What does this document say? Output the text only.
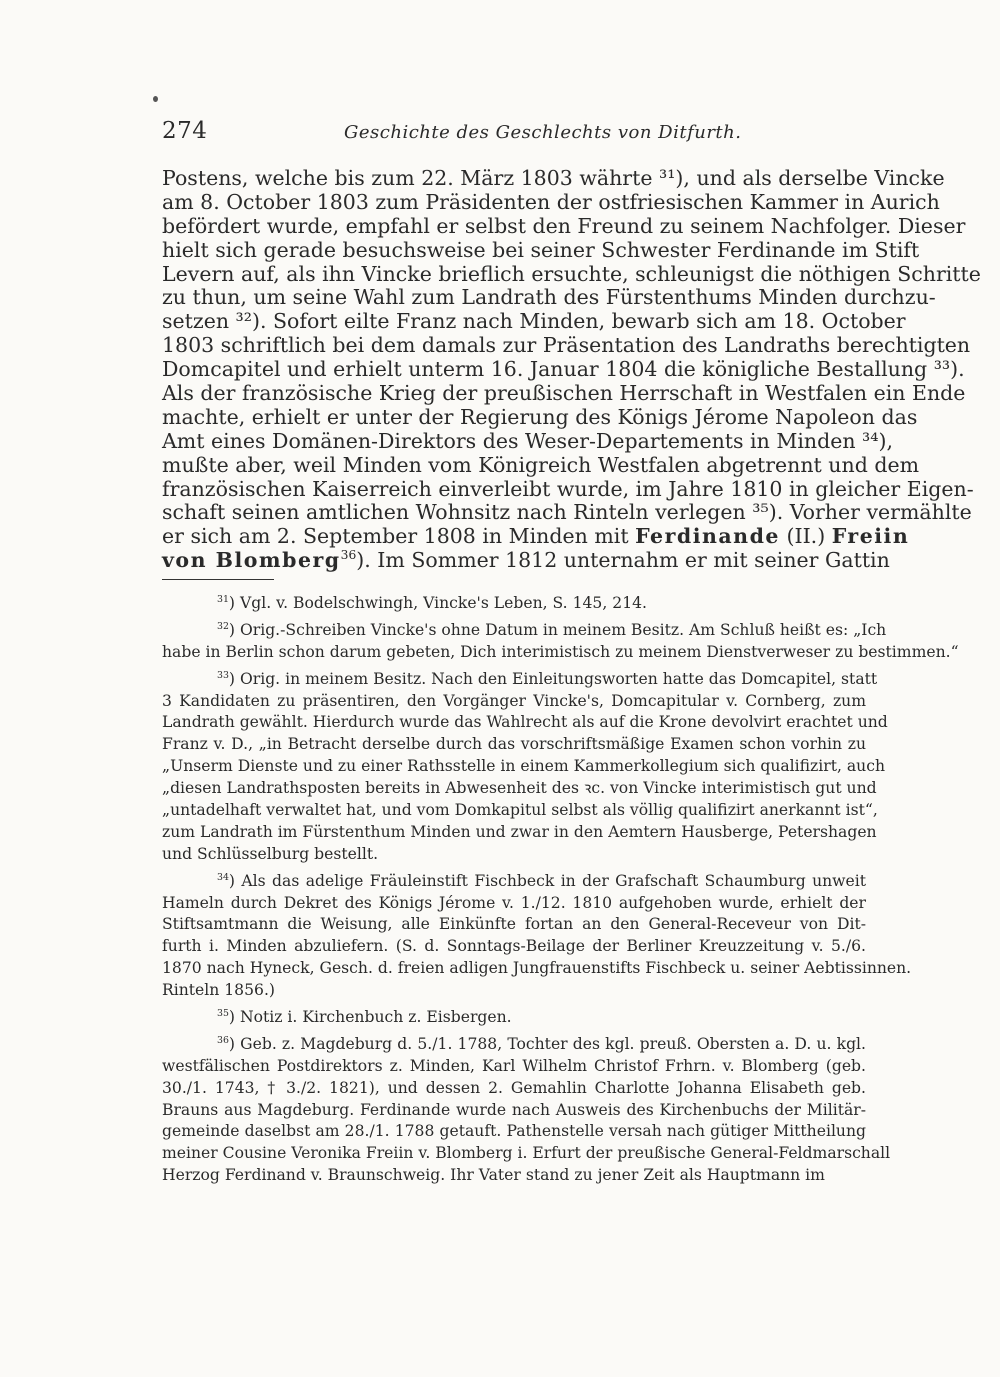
274	Geschichte des Geschlechts von Ditfurth.
Postens, welche bis zum 22. März 1803 währte ³¹), und als derselbe Vincke
am 8. October 1803 zum Präsidenten der ostfriesischen Kammer in Aurich
befördert wurde, empfahl er selbst den Freund zu seinem Nachfolger. Dieser
hielt sich gerade besuchsweise bei seiner Schwester Ferdinande im Stift
Levern auf, als ihn Vincke brieflich ersuchte, schleunigst die nöthigen Schritte
zu thun, um seine Wahl zum Landrath des Fürstenthums Minden durchzu-
setzen ³²). Sofort eilte Franz nach Minden, bewarb sich am 18. October
1803 schriftlich bei dem damals zur Präsentation des Landraths berechtigten
Domcapitel und erhielt unterm 16. Januar 1804 die königliche Bestallung ³³).
Als der französische Krieg der preußischen Herrschaft in Westfalen ein Ende
machte, erhielt er unter der Regierung des Königs Jérome Napoleon das
Amt eines Domänen-Direktors des Weser-Departements in Minden ³⁴),
mußte aber, weil Minden vom Königreich Westfalen abgetrennt und dem
französischen Kaiserreich einverleibt wurde, im Jahre 1810 in gleicher Eigen-
schaft seinen amtlichen Wohnsitz nach Rinteln verlegen ³⁵). Vorher vermählte
er sich am 2. September 1808 in Minden mit Ferdinande (II.) Freiin
von Blomberg$^{36}$). Im Sommer 1812 unternahm er mit seiner Gattin
$^{31}$) Vgl. v. Bodelschwingh, Vincke's Leben, S. 145, 214.
$^{32}$) Orig.-Schreiben Vincke's ohne Datum in meinem Besitz. Am Schluß heißt es: „Ich
habe in Berlin schon darum gebeten, Dich interimistisch zu meinem Dienstverweser zu bestimmen.“
$^{33}$) Orig. in meinem Besitz. Nach den Einleitungsworten hatte das Domcapitel, statt
3 Kandidaten zu präsentiren, den Vorgänger Vincke's, Domcapitular v. Cornberg, zum
Landrath gewählt. Hierdurch wurde das Wahlrecht als auf die Krone devolvirt erachtet und
Franz v. D., „in Betracht derselbe durch das vorschriftsmäßige Examen schon vorhin zu
„Unserm Dienste und zu einer Rathsstelle in einem Kammerkollegium sich qualifizirt, auch
„diesen Landrathsposten bereits in Abwesenheit des ꝛc. von Vincke interimistisch gut und
„untadelhaft verwaltet hat, und vom Domkapitul selbst als völlig qualifizirt anerkannt ist“,
zum Landrath im Fürstenthum Minden und zwar in den Aemtern Hausberge, Petershagen
und Schlüsselburg bestellt.
$^{34}$) Als das adelige Fräuleinstift Fischbeck in der Grafschaft Schaumburg unweit
Hameln durch Dekret des Königs Jérome v. 1./12. 1810 aufgehoben wurde, erhielt der
Stiftsamtmann die Weisung, alle Einkünfte fortan an den General-Receveur von Dit-
furth i. Minden abzuliefern. (S. d. Sonntags-Beilage der Berliner Kreuzzeitung v. 5./6.
1870 nach Hyneck, Gesch. d. freien adligen Jungfrauenstifts Fischbeck u. seiner Aebtissinnen.
Rinteln 1856.)
$^{35}$) Notiz i. Kirchenbuch z. Eisbergen.
$^{36}$) Geb. z. Magdeburg d. 5./1. 1788, Tochter des kgl. preuß. Obersten a. D. u. kgl.
westfälischen Postdirektors z. Minden, Karl Wilhelm Christof Frhrn. v. Blomberg (geb.
30./1. 1743, † 3./2. 1821), und dessen 2. Gemahlin Charlotte Johanna Elisabeth geb.
Brauns aus Magdeburg. Ferdinande wurde nach Ausweis des Kirchenbuchs der Militär-
gemeinde daselbst am 28./1. 1788 getauft. Pathenstelle versah nach gütiger Mittheilung
meiner Cousine Veronika Freiin v. Blomberg i. Erfurt der preußische General-Feldmarschall
Herzog Ferdinand v. Braunschweig. Ihr Vater stand zu jener Zeit als Hauptmann im
